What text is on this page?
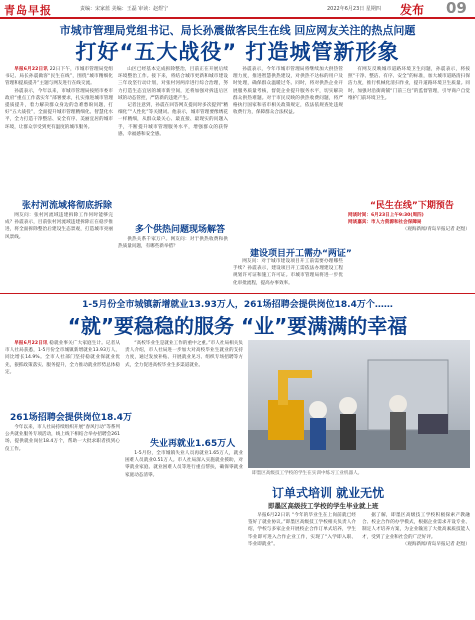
青岛早报	责编：宋家蓝 美编：王磊 审读：赵煜宁	2022年6月23日 星期四 发布 09
市城市管理局党组书记、局长孙震做客民生在线 回应网友关注的热点问题
打好“五大战役” 打造城管新形象

早报6月22日讯 22日下午，市城市管理局党组书记、局长孙震做客“民生在线”，围绕“城市精细化管理和提质提升”主题与网友进行在线交流。

孙震表示，今年以来，市城市管理局按照市委市政府“重点工作落实年”部署要求，扎实推进城市管理提质提升，着力解决群众身边的急难愁盼问题，打好“五大战役”，全面提升城市管理精细化、智慧化水平，全力打造干净整洁、安全有序、美丽宜居的城市环境，让群众享受到更有温度的城市服务。

张村河流域将彻底拆除

网友问：张村河流域违建拆除工作何时能够完成？孙震表示，目前张村河流域违建拆除正在稳步推进，将全面拆除整治后建设生态景观，打造城市亮丽风景线。

山区已经基本完成拆除整治，目前正在开展后续环境整治工作。接下来，将结合城市更新和城市建设三年攻坚行动计划，对张村河两岸进行综合治理，努力打造生态宜居的城市新空间，还将加强对拆违后区域的动态管控，严防新的违建产生。

记者注意到，孙震在回答网友提问时多次提到“精细化”“人性化”等关键词。他表示，城市管理要像绣花一样精细，从群众最关心、最直接、最现实的问题入手，不断提升城市管理服务水平，增强群众的获得感、幸福感和安全感。

多个供热问题现场解答

供热关系千家万户。网友问：对于供热收费和供热质量问题，有哪些新举措？

孙震表示，今年市城市管理局将继续加大供热管理力度，推进智慧供热建设，对供热不达标的用户及时处理，确保群众温暖过冬。同时，将对供热企业开展服务质量考核，督促企业提升服务水平，切实解决群众供热难题。对于市民反映的供热收费问题，将严格执行国家和省市相关政策规定，依法依规查处违规收费行为，保障群众合法权益。

建设项目开工需办“两证”

网友问：对于城市建设项目开工前需要办理哪些手续？孙震表示，建设项目开工需依法办理建设工程规划许可证和施工许可证。市城市管理局将进一步优化审批流程，提高办事效率。

有网友反映城市道路环境卫生问题，孙震表示，将按照“干净、整洁、有序、安全”的标准，加大城市道路清扫保洁力度，推行机械化清扫作业，提升道路环境卫生质量。同时，加强对沿街商铺“门前三包”的监督管理，引导商户自觉维护门前环境卫生。

“民生在线”下期预告

网谈时间：6月23日上午9:30(周四)

网谈嘉宾：市人力资源和社会保障局

（观海新闻/青岛早报记者 赵煜）

1-5月份全市城镇新增就业13.93万人，261场招聘会提供岗位18.4万个……
“就”要稳稳的服务 “业”要满满的幸福

早报6月22日讯 稳就业事关广大家庭生计。记者从市人社局获悉，1-5月份全市城镇新增就业13.93万人，同比增长14.9%。全市人社部门坚持稳就业保就业优先，狠抓政策落实、服务提升，全力推动就业形势总体稳定。

261场招聘会提供岗位18.4万

今年以来，市人社局持续组织开展“春风行动”等系列公共就业服务专项活动，线上线下相结合举办招聘会261场，提供就业岗位18.4万个，帮助一大批求职者找到心仪工作。

“高校毕业生是就业工作的重中之重。”市人社局相关负责人介绍，市人社局进一步加大对高校毕业生就业的支持力度，通过发放补贴、开展就业见习、组织专场招聘等方式，全力促进高校毕业生多渠道就业。

失业再就业1.65万人

1-5月份，全市城镇失业人员再就业1.65万人，就业困难人员就业0.51万人。市人社局深入实施就业援助，对零就业家庭、就业困难人员等进行重点帮扶，确保零就业家庭动态清零。	即墨区高级技工学校的学生在实训中练习工业机器人。
订单式培训 就业无忧
即墨区高级技工学校的学生毕业就上班

早报6月22日讯 “今年的毕业生在上岗前就已经签好了就业协议。”即墨区高级技工学校相关负责人介绍，学校与多家企业开展校企合作订单式培养，学生毕业即可进入合作企业工作，实现了“入学即入职、毕业即就业”。

据了解，即墨区高级技工学校积极探索产教融合、校企合作的办学模式，根据企业需求开设专业、制定人才培养方案，为企业输送了大批高素质技能人才，受到了企业和社会的广泛好评。

（观海新闻/青岛早报记者 赵煜）
